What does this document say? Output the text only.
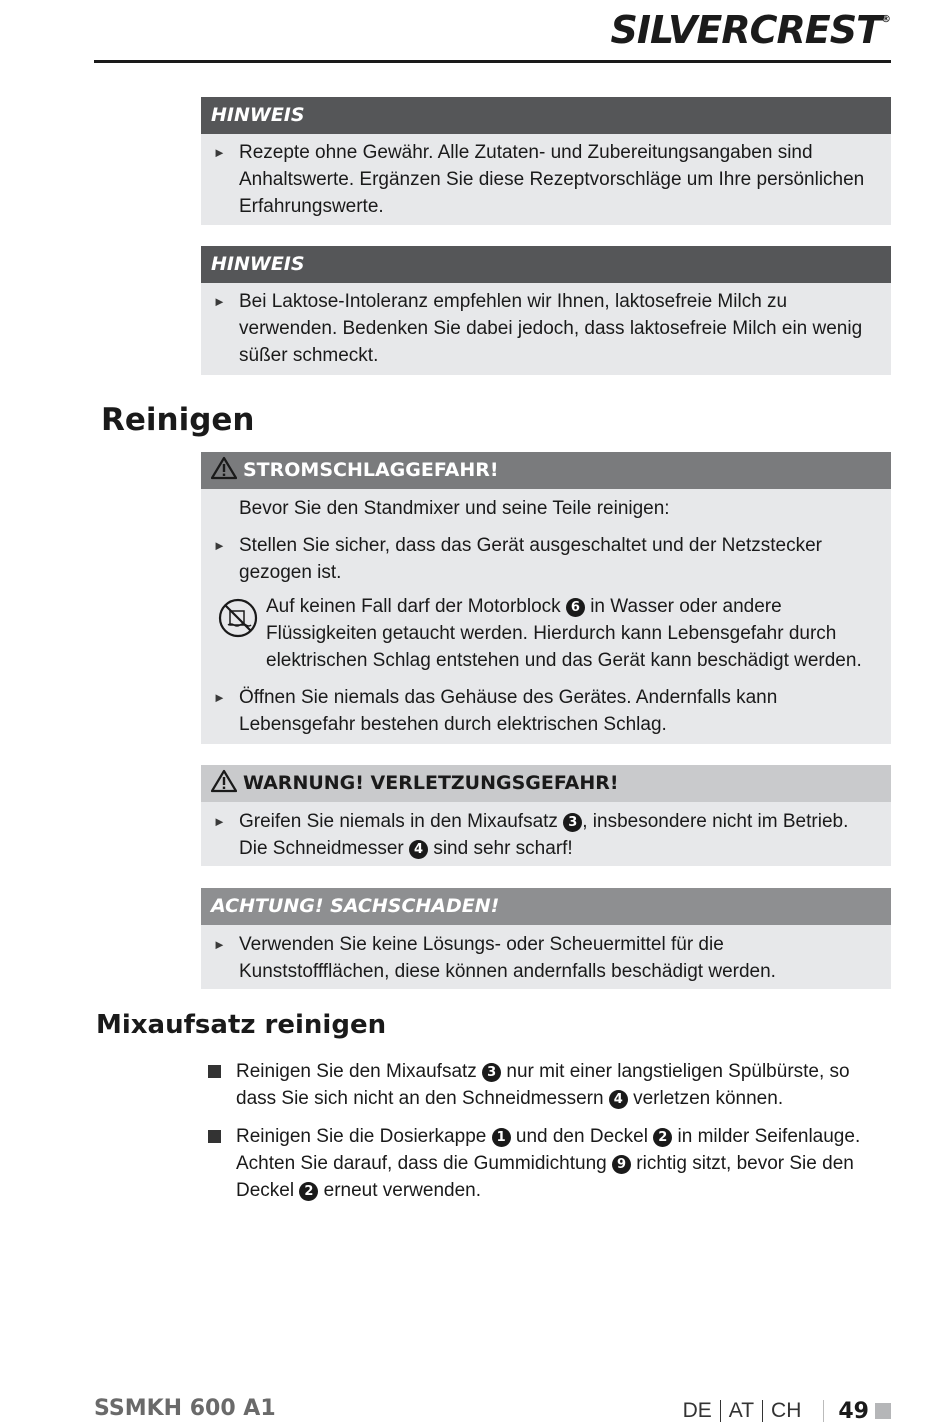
SILVERCREST®
HINWEIS
► Rezepte ohne Gewähr. Alle Zutaten- und Zubereitungsangaben sind Anhaltswerte. Ergänzen Sie diese Rezeptvorschläge um Ihre persönlichen Erfahrungswerte.
HINWEIS
► Bei Laktose-Intoleranz empfehlen wir Ihnen, laktosefreie Milch zu verwenden. Bedenken Sie dabei jedoch, dass laktosefreie Milch ein wenig süßer schmeckt.
Reinigen
STROMSCHLAGGEFAHR!
Bevor Sie den Standmixer und seine Teile reinigen:
► Stellen Sie sicher, dass das Gerät ausgeschaltet und der Netzstecker gezogen ist.
Auf keinen Fall darf der Motorblock 6 in Wasser oder andere Flüssigkeiten getaucht werden. Hierdurch kann Lebensgefahr durch elektrischen Schlag entstehen und das Gerät kann beschädigt werden.
► Öffnen Sie niemals das Gehäuse des Gerätes. Andernfalls kann Lebensgefahr bestehen durch elektrischen Schlag.
WARNUNG! VERLETZUNGSGEFAHR!
► Greifen Sie niemals in den Mixaufsatz 3 , insbesondere nicht im Betrieb. Die Schneidmesser 4 sind sehr scharf!
ACHTUNG! SACHSCHADEN!
► Verwenden Sie keine Lösungs- oder Scheuermittel für die Kunststoffflächen, diese können andernfalls beschädigt werden.
Mixaufsatz reinigen
Reinigen Sie den Mixaufsatz 3 nur mit einer langstieligen Spülbürste, so dass Sie sich nicht an den Schneidmessern 4 verletzen können.
Reinigen Sie die Dosierkappe 1 und den Deckel 2 in milder Seifenlauge. Achten Sie darauf, dass die Gummidichtung 9 richtig sitzt, bevor Sie den Deckel 2 erneut verwenden.
SSMKH 600 A1	DE AT CH	49
